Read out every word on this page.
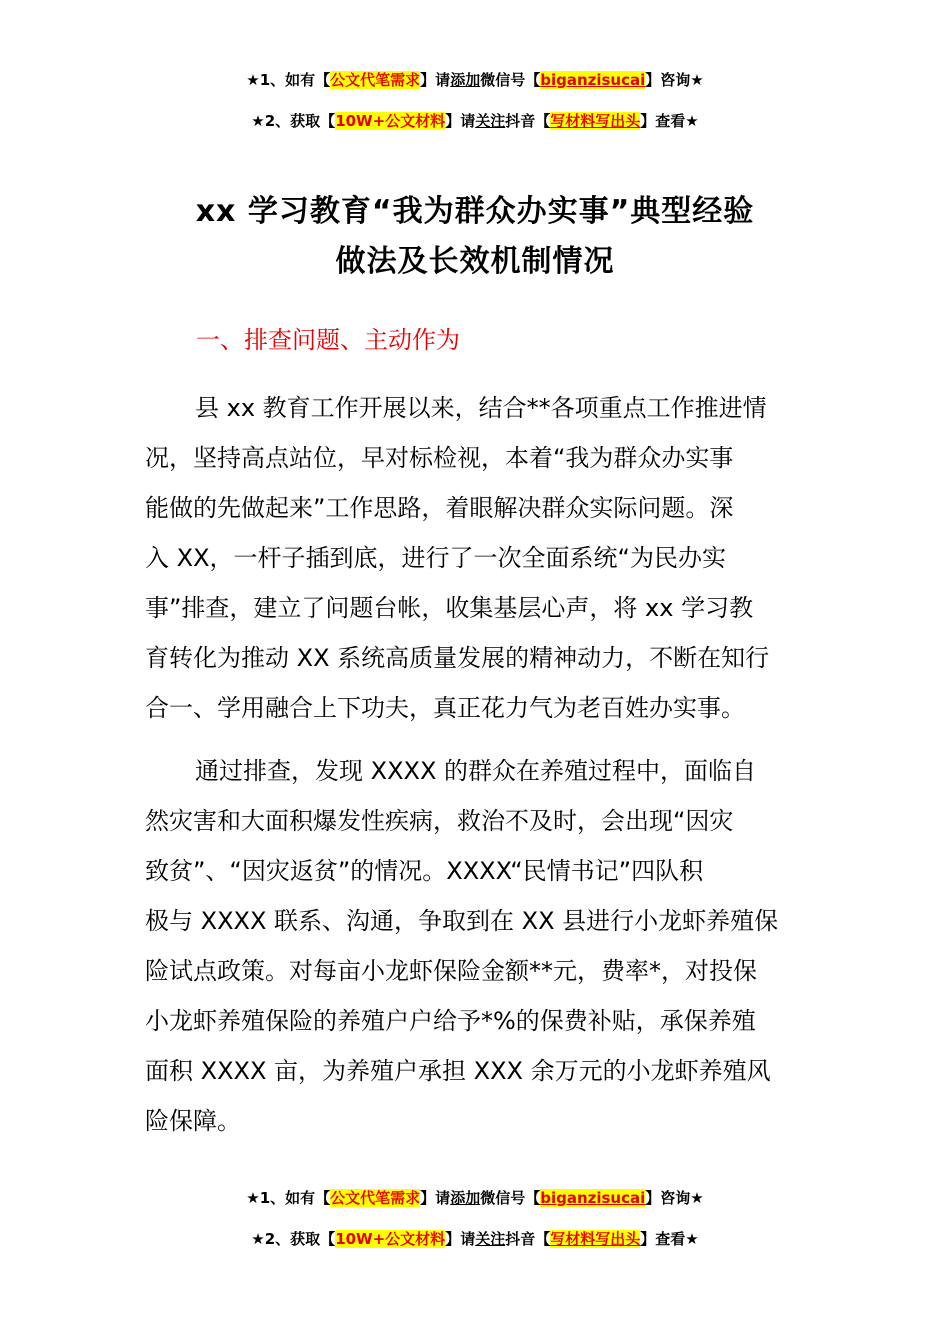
★1、如有【公文代笔需求】请添加微信号【biganzisucai】咨询★
★2、获取【10W+公文材料】请关注抖音【写材料写出头】查看★
xx 学习教育“我为群众办实事”典型经验
做法及长效机制情况
一、排查问题、主动作为
县 xx 教育工作开展以来，结合**各项重点工作推进情
况，坚持高点站位，早对标检视，本着“我为群众办实事
能做的先做起来”工作思路，着眼解决群众实际问题。深
入 XX，一杆子插到底，进行了一次全面系统“为民办实
事”排查，建立了问题台帐，收集基层心声，将 xx 学习教
育转化为推动 XX 系统高质量发展的精神动力，不断在知行
合一、学用融合上下功夫，真正花力气为老百姓办实事。
通过排查，发现 XXXX 的群众在养殖过程中，面临自
然灾害和大面积爆发性疾病，救治不及时，会出现“因灾
致贫”、“因灾返贫”的情况。XXXX“民情书记”四队积
极与 XXXX 联系、沟通，争取到在 XX 县进行小龙虾养殖保
险试点政策。对每亩小龙虾保险金额**元，费率*，对投保
小龙虾养殖保险的养殖户户给予*%的保费补贴，承保养殖
面积 XXXX 亩，为养殖户承担 XXX 余万元的小龙虾养殖风
险保障。
★1、如有【公文代笔需求】请添加微信号【biganzisucai】咨询★
★2、获取【10W+公文材料】请关注抖音【写材料写出头】查看★
